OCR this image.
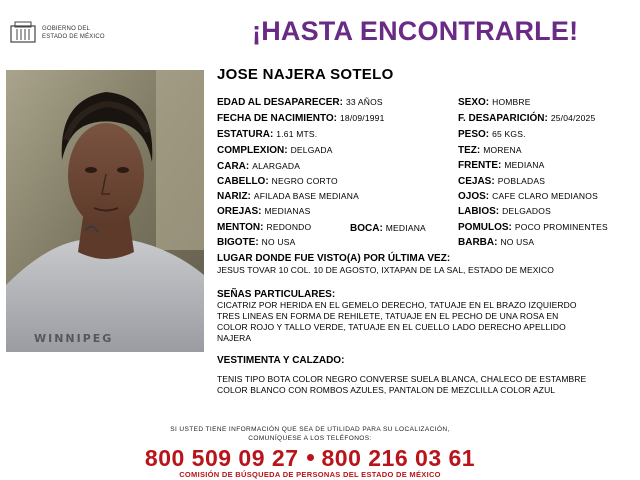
GOBIERNO DEL
ESTADO DE MÉXICO	¡HASTA ENCONTRARLE!
WINNIPEG
JOSE NAJERA SOTELO
EDAD AL DESAPARECER: 33 AÑOS
FECHA DE NACIMIENTO: 18/09/1991
ESTATURA: 1.61 MTS.
COMPLEXION: DELGADA
CARA: ALARGADA
CABELLO: NEGRO CORTO
NARIZ: AFILADA BASE MEDIANA
OREJAS: MEDIANAS
MENTON: REDONDO	BOCA: MEDIANA
BIGOTE: NO USA
SEXO: HOMBRE
F. DESAPARICIÓN: 25/04/2025
PESO: 65 KGS.
TEZ: MORENA
FRENTE: MEDIANA
CEJAS: POBLADAS
OJOS: CAFE CLARO MEDIANOS
LABIOS: DELGADOS
POMULOS: POCO PROMINENTES
BARBA: NO USA
LUGAR DONDE FUE VISTO(A) POR ÚLTIMA VEZ:
JESUS TOVAR 10 COL. 10 DE AGOSTO, IXTAPAN DE LA SAL, ESTADO DE MEXICO
SEÑAS PARTICULARES:
CICATRIZ POR HERIDA EN EL GEMELO DERECHO, TATUAJE EN EL BRAZO IZQUIERDO
TRES LINEAS EN FORMA DE REHILETE, TATUAJE EN EL PECHO DE UNA ROSA EN
COLOR ROJO Y TALLO VERDE, TATUAJE EN EL CUELLO LADO DERECHO APELLIDO
NAJERA
VESTIMENTA Y CALZADO:
TENIS TIPO BOTA COLOR NEGRO CONVERSE SUELA BLANCA, CHALECO DE ESTAMBRE
COLOR BLANCO CON ROMBOS AZULES, PANTALON DE MEZCLILLA COLOR AZUL
SI USTED TIENE INFORMACIÓN QUE SEA DE UTILIDAD PARA SU LOCALIZACIÓN,
COMUNÍQUESE A LOS TELÉFONOS:
800 509 09 27 800 216 03 61
COMISIÓN DE BÚSQUEDA DE PERSONAS DEL ESTADO DE MÉXICO
